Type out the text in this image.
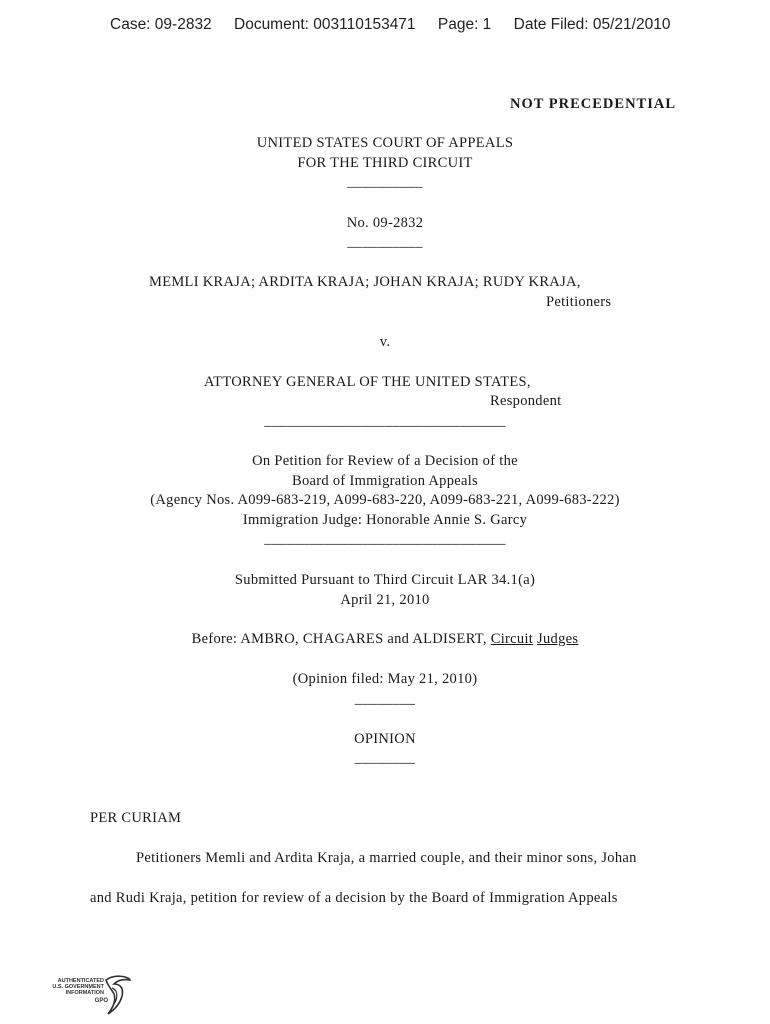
Case: 09-2832 Document: 003110153471 Page: 1 Date Filed: 05/21/2010
NOT PRECEDENTIAL
UNITED STATES COURT OF APPEALS
FOR THE THIRD CIRCUIT
__________
No. 09-2832
__________
MEMLI KRAJA; ARDITA KRAJA; JOHAN KRAJA; RUDY KRAJA,
Petitioners
v.
ATTORNEY GENERAL OF THE UNITED STATES,
Respondent
________________________________
On Petition for Review of a Decision of the
Board of Immigration Appeals
(Agency Nos. A099-683-219, A099-683-220, A099-683-221, A099-683-222)
Immigration Judge: Honorable Annie S. Garcy
________________________________
Submitted Pursuant to Third Circuit LAR 34.1(a)
April 21, 2010
Before: AMBRO, CHAGARES and ALDISERT, Circuit Judges
(Opinion filed: May 21, 2010)
________
OPINION
________
PER CURIAM
Petitioners Memli and Ardita Kraja, a married couple, and their minor sons, Johan
and Rudi Kraja, petition for review of a decision by the Board of Immigration Appeals
AUTHENTICATED
U.S. GOVERNMENT
INFORMATION
GPO
